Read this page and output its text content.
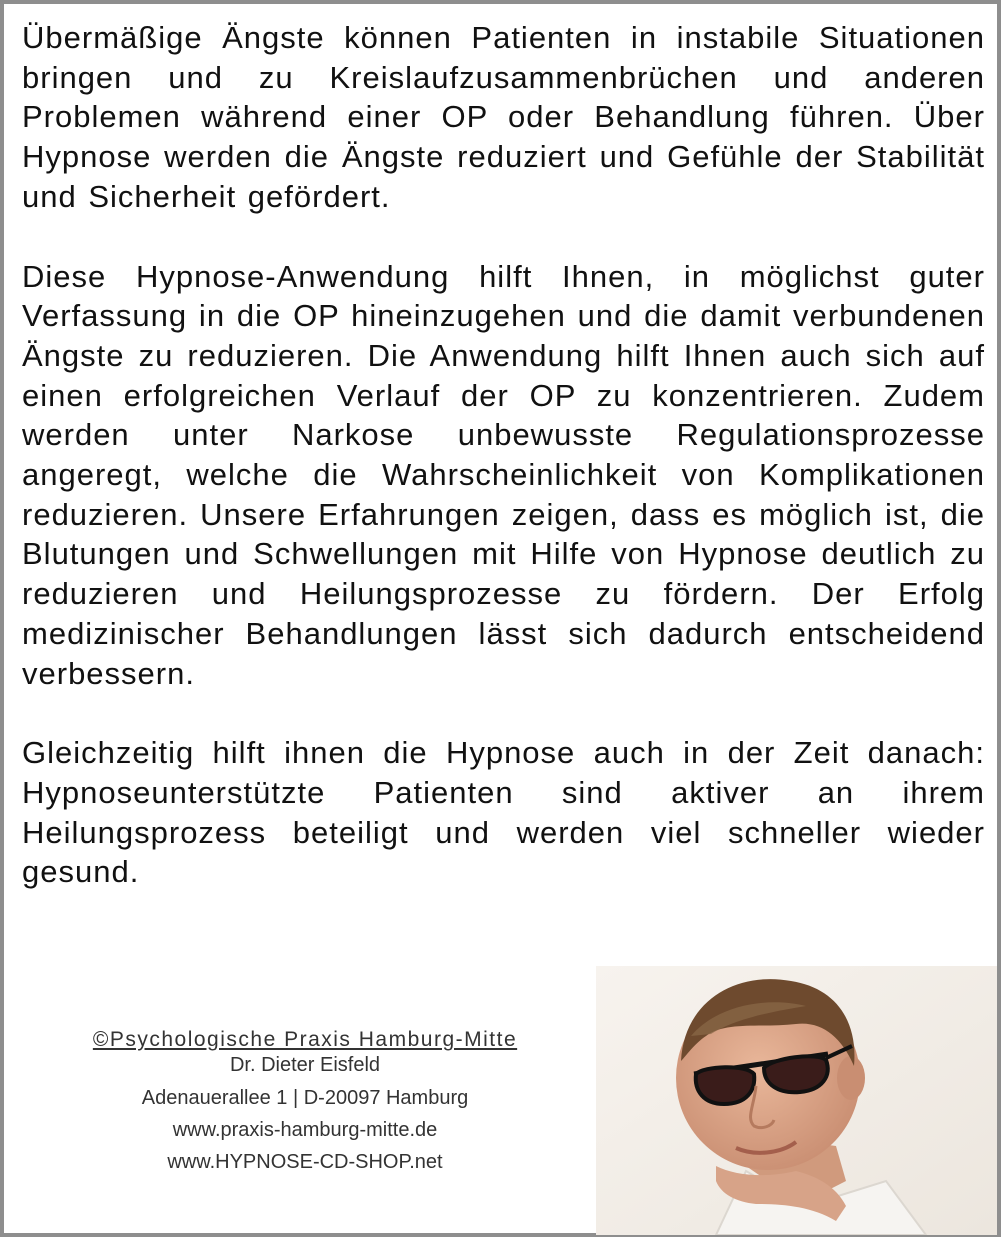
Übermäßige Ängste können Patienten in instabile Situationen bringen und zu Kreislaufzusammenbrüchen und anderen Problemen während einer OP oder Behandlung führen. Über Hypnose werden die Ängste reduziert und Gefühle der Stabilität und Sicherheit gefördert.

Diese Hypnose-Anwendung hilft Ihnen, in möglichst guter Verfassung in die OP hineinzugehen und die damit verbundenen Ängste zu reduzieren. Die Anwendung hilft Ihnen auch sich auf einen erfolgreichen Verlauf der OP zu konzentrieren. Zudem werden unter Narkose unbewusste Regulationsprozesse angeregt, welche die Wahrscheinlichkeit von Komplikationen reduzieren. Unsere Erfahrungen zeigen, dass es möglich ist, die Blutungen und Schwellungen mit Hilfe von Hypnose deutlich zu reduzieren und Heilungsprozesse zu fördern. Der Erfolg medizinischer Behandlungen lässt sich dadurch entscheidend verbessern.

Gleichzeitig hilft ihnen die Hypnose auch in der Zeit danach: Hypnoseunterstützte Patienten sind aktiver an ihrem Heilungsprozess beteiligt und werden viel schneller wieder gesund.

©Psychologische Praxis Hamburg-Mitte
Dr. Dieter Eisfeld
Adenauerallee 1 | D-20097 Hamburg
www.praxis-hamburg-mitte.de
www.HYPNOSE-CD-SHOP.net
